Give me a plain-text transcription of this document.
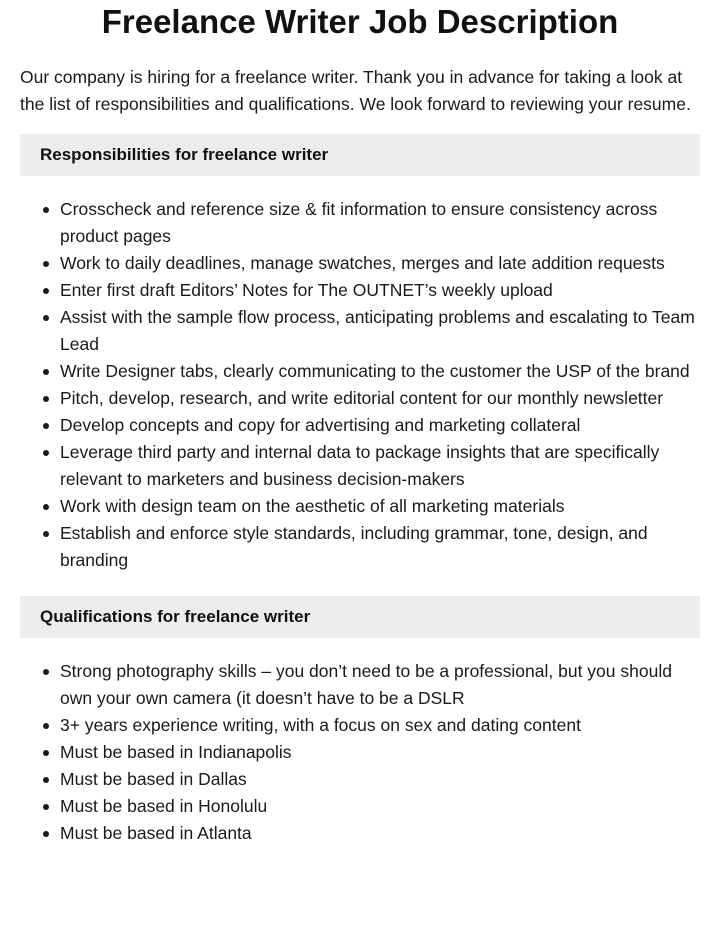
Freelance Writer Job Description

Our company is hiring for a freelance writer. Thank you in advance for taking a look at the list of responsibilities and qualifications. We look forward to reviewing your resume.

Responsibilities for freelance writer
Crosscheck and reference size & fit information to ensure consistency across product pages
Work to daily deadlines, manage swatches, merges and late addition requests
Enter first draft Editors’ Notes for The OUTNET’s weekly upload
Assist with the sample flow process, anticipating problems and escalating to Team Lead
Write Designer tabs, clearly communicating to the customer the USP of the brand
Pitch, develop, research, and write editorial content for our monthly newsletter
Develop concepts and copy for advertising and marketing collateral
Leverage third party and internal data to package insights that are specifically relevant to marketers and business decision-makers
Work with design team on the aesthetic of all marketing materials
Establish and enforce style standards, including grammar, tone, design, and branding
Qualifications for freelance writer
Strong photography skills – you don’t need to be a professional, but you should own your own camera (it doesn’t have to be a DSLR
3+ years experience writing, with a focus on sex and dating content
Must be based in Indianapolis
Must be based in Dallas
Must be based in Honolulu
Must be based in Atlanta
